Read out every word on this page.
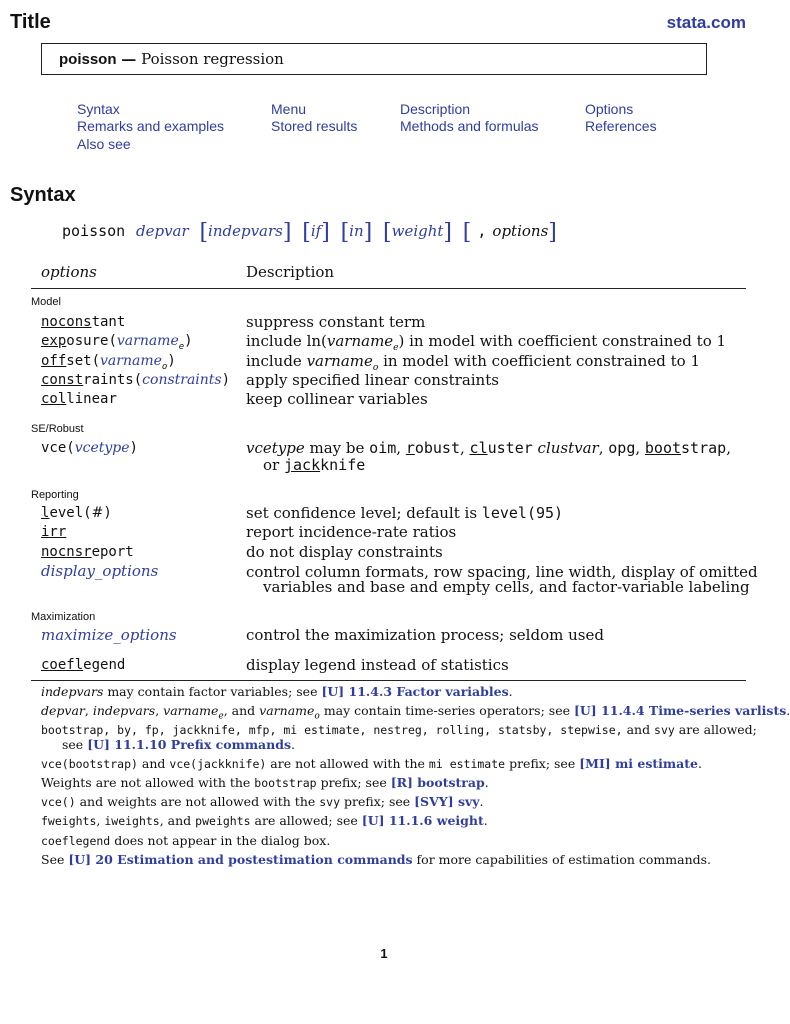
Title	stata.com
poisson — Poisson regression
Syntax	Menu	Description	Options
Remarks and examples	Stored results	Methods and formulas	References
Also see
Syntax
poisson depvar [indepvars] [if] [in] [weight] [ , options]
options	Description
Model
noconstant	suppress constant term
exposure(varname$_e$)	include ln(varname$_e$) in model with coefficient constrained to 1
offset(varname$_o$)	include varname$_o$ in model with coefficient constrained to 1
constraints(constraints) apply specified linear constraints
collinear	keep collinear variables
SE/Robust
vce(vcetype)	vcetype may be oim, robust, cluster clustvar, opg, bootstrap,
or jackknife
Reporting
level(#)	set confidence level; default is level(95)
irr	report incidence-rate ratios
nocnsreport	do not display constraints
display_options	control column formats, row spacing, line width, display of omitted
variables and base and empty cells, and factor-variable labeling
Maximization
maximize_options	control the maximization process; seldom used
coeflegend	display legend instead of statistics
indepvars may contain factor variables; see [U] 11.4.3 Factor variables.
depvar, indepvars, varname$_e$, and varname$_o$ may contain time-series operators; see [U] 11.4.4 Time-series varlists.
bootstrap, by, fp, jackknife, mfp, mi estimate, nestreg, rolling, statsby, stepwise, and svy are allowed;
see [U] 11.1.10 Prefix commands.
vce(bootstrap) and vce(jackknife) are not allowed with the mi estimate prefix; see [MI] mi estimate.
Weights are not allowed with the bootstrap prefix; see [R] bootstrap.
vce() and weights are not allowed with the svy prefix; see [SVY] svy.
fweights, iweights, and pweights are allowed; see [U] 11.1.6 weight.
coeflegend does not appear in the dialog box.
See [U] 20 Estimation and postestimation commands for more capabilities of estimation commands.
1
